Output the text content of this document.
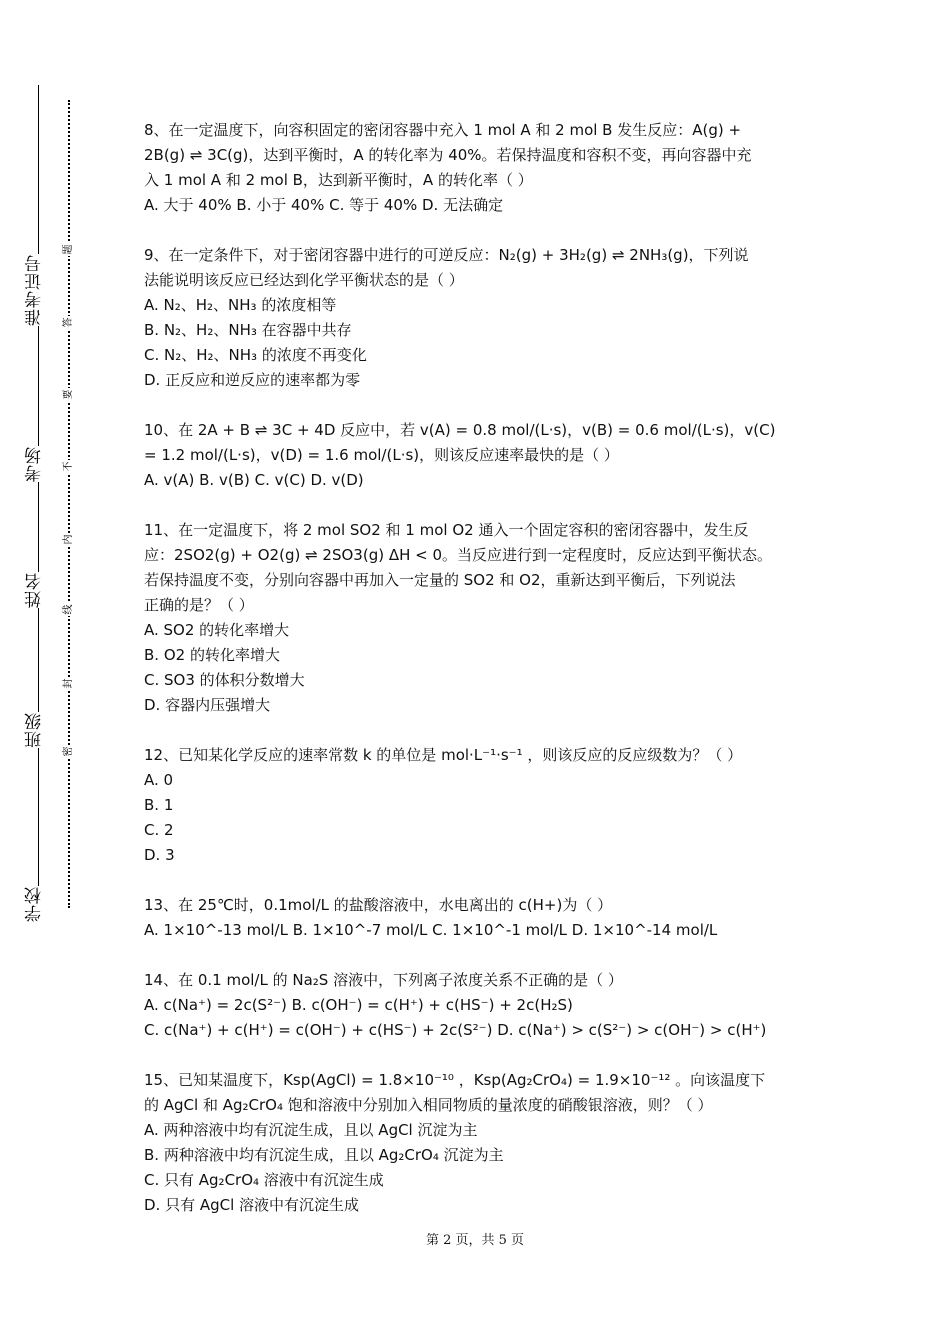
学校
班级
姓名
考场
准考证号
密
封
线
内
不
要
答
题

8、在一定温度下，向容积固定的密闭容器中充入 1 mol A 和 2 mol B 发生反应：A(g) +

2B(g) ⇌ 3C(g)，达到平衡时，A 的转化率为 40%。若保持温度和容积不变，再向容器中充

入 1 mol A 和 2 mol B，达到新平衡时，A 的转化率（ ）

A. 大于 40% B. 小于 40% C. 等于 40% D. 无法确定

9、在一定条件下，对于密闭容器中进行的可逆反应：N₂(g) + 3H₂(g) ⇌ 2NH₃(g)，下列说

法能说明该反应已经达到化学平衡状态的是（ ）

A. N₂、H₂、NH₃ 的浓度相等

B. N₂、H₂、NH₃ 在容器中共存

C. N₂、H₂、NH₃ 的浓度不再变化

D. 正反应和逆反应的速率都为零

10、在 2A + B ⇌ 3C + 4D 反应中，若 v(A) = 0.8 mol/(L·s)，v(B) = 0.6 mol/(L·s)，v(C)

= 1.2 mol/(L·s)，v(D) = 1.6 mol/(L·s)，则该反应速率最快的是（ ）

A. v(A) B. v(B) C. v(C) D. v(D)

11、在一定温度下，将 2 mol SO2 和 1 mol O2 通入一个固定容积的密闭容器中，发生反

应：2SO2(g) + O2(g) ⇌ 2SO3(g) ΔH < 0。当反应进行到一定程度时，反应达到平衡状态。

若保持温度不变，分别向容器中再加入一定量的 SO2 和 O2，重新达到平衡后，下列说法

正确的是？（ ）

A. SO2 的转化率增大

B. O2 的转化率增大

C. SO3 的体积分数增大

D. 容器内压强增大

12、已知某化学反应的速率常数 k 的单位是 mol·L⁻¹·s⁻¹ ，则该反应的反应级数为？（ ）

A. 0

B. 1

C. 2

D. 3

13、在 25℃时，0.1mol/L 的盐酸溶液中，水电离出的 c(H+)为（ ）

A. 1×10^-13 mol/L B. 1×10^-7 mol/L C. 1×10^-1 mol/L D. 1×10^-14 mol/L

14、在 0.1 mol/L 的 Na₂S 溶液中，下列离子浓度关系不正确的是（ ）

A. c(Na⁺) = 2c(S²⁻) B. c(OH⁻) = c(H⁺) + c(HS⁻) + 2c(H₂S)

C. c(Na⁺) + c(H⁺) = c(OH⁻) + c(HS⁻) + 2c(S²⁻) D. c(Na⁺) > c(S²⁻) > c(OH⁻) > c(H⁺)

15、已知某温度下，Ksp(AgCl) = 1.8×10⁻¹⁰ ，Ksp(Ag₂CrO₄) = 1.9×10⁻¹² 。向该温度下

的 AgCl 和 Ag₂CrO₄ 饱和溶液中分别加入相同物质的量浓度的硝酸银溶液，则？（ ）

A. 两种溶液中均有沉淀生成，且以 AgCl 沉淀为主

B. 两种溶液中均有沉淀生成，且以 Ag₂CrO₄ 沉淀为主

C. 只有 Ag₂CrO₄ 溶液中有沉淀生成

D. 只有 AgCl 溶液中有沉淀生成

第 2 页，共 5 页
